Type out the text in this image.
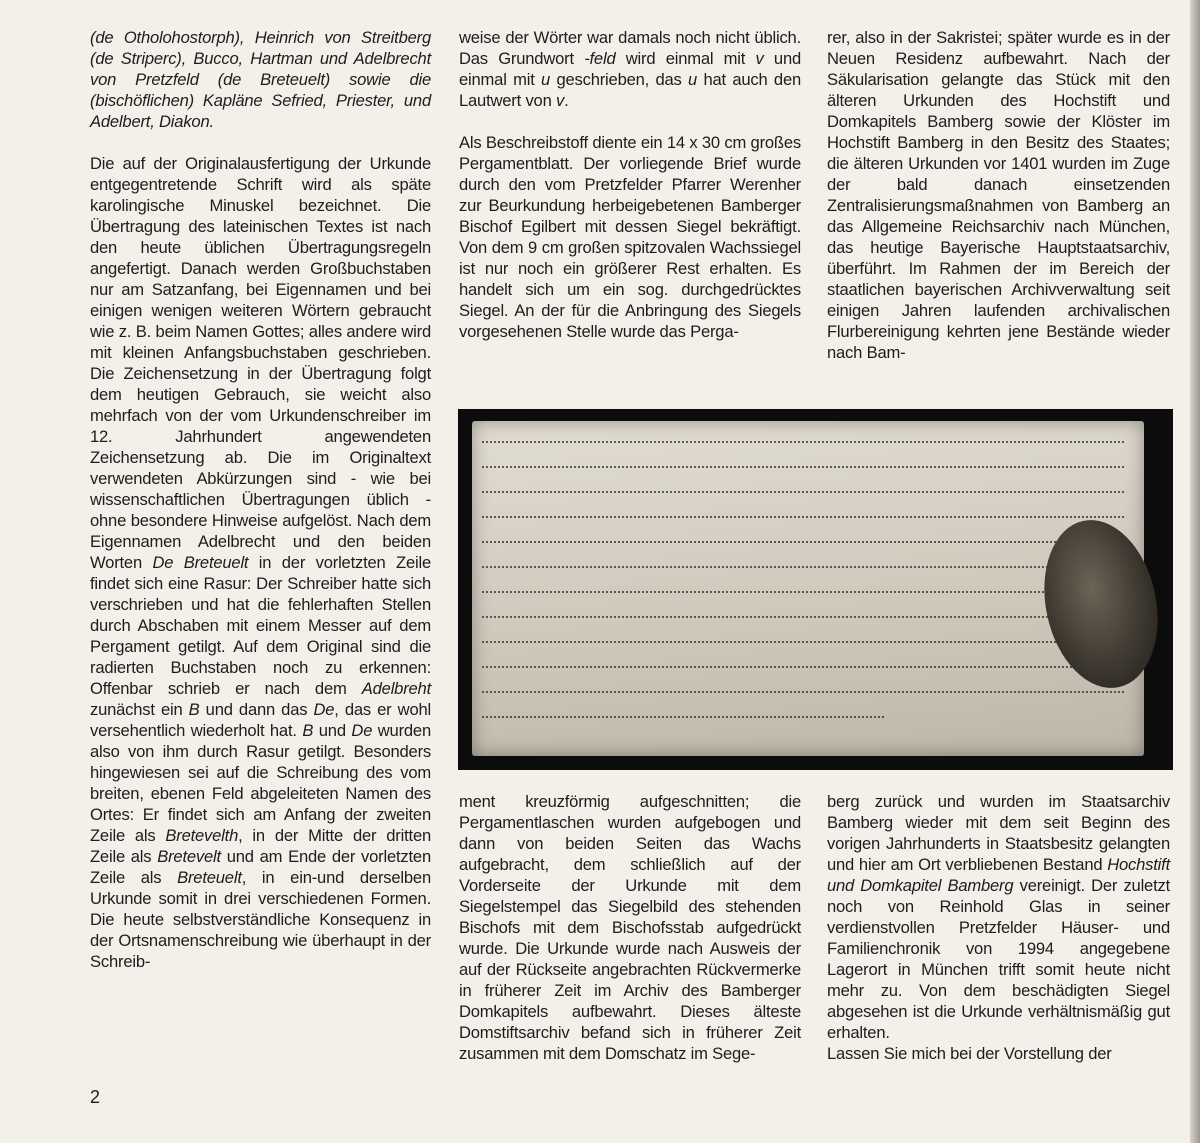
(de Otholohostorph), Heinrich von Streitberg (de Striperc), Bucco, Hartman und Adelbrecht von Pretzfeld (de Breteuelt) sowie die (bischöflichen) Kapläne Sefried, Priester, und Adelbert, Diakon.

Die auf der Originalausfertigung der Urkunde entgegentretende Schrift wird als späte karolingische Minuskel bezeichnet. Die Übertragung des lateinischen Textes ist nach den heute üblichen Übertragungsregeln angefertigt. Danach werden Großbuchstaben nur am Satzanfang, bei Eigennamen und bei einigen wenigen weiteren Wörtern gebraucht wie z. B. beim Namen Gottes; alles andere wird mit kleinen Anfangsbuchstaben geschrieben. Die Zeichensetzung in der Übertragung folgt dem heutigen Gebrauch, sie weicht also mehrfach von der vom Urkundenschreiber im 12. Jahrhundert angewendeten Zeichensetzung ab. Die im Originaltext verwendeten Abkürzungen sind - wie bei wissenschaftlichen Übertragungen üblich - ohne besondere Hinweise aufgelöst. Nach dem Eigennamen Adelbrecht und den beiden Worten De Breteuelt in der vorletzten Zeile findet sich eine Rasur: Der Schreiber hatte sich verschrieben und hat die fehlerhaften Stellen durch Abschaben mit einem Messer auf dem Pergament getilgt. Auf dem Original sind die radierten Buchstaben noch zu erkennen: Offenbar schrieb er nach dem Adelbreht zunächst ein B und dann das De, das er wohl versehentlich wiederholt hat. B und De wurden also von ihm durch Rasur getilgt. Besonders hingewiesen sei auf die Schreibung des vom breiten, ebenen Feld abgeleiteten Namen des Ortes: Er findet sich am Anfang der zweiten Zeile als Bretevelth, in der Mitte der dritten Zeile als Bretevelt und am Ende der vorletzten Zeile als Breteuelt, in ein-und derselben Urkunde somit in drei verschiedenen Formen. Die heute selbstverständliche Konsequenz in der Ortsnamenschreibung wie überhaupt in der Schreib-

weise der Wörter war damals noch nicht üblich. Das Grundwort -feld wird einmal mit v und einmal mit u geschrieben, das u hat auch den Lautwert von v.

Als Beschreibstoff diente ein 14 x 30 cm großes Pergamentblatt. Der vorliegende Brief wurde durch den vom Pretzfelder Pfarrer Werenher zur Beurkundung herbeigebetenen Bamberger Bischof Egilbert mit dessen Siegel bekräftigt. Von dem 9 cm großen spitzovalen Wachssiegel ist nur noch ein größerer Rest erhalten. Es handelt sich um ein sog. durchgedrücktes Siegel. An der für die Anbringung des Siegels vorgesehenen Stelle wurde das Perga-

rer, also in der Sakristei; später wurde es in der Neuen Residenz aufbewahrt. Nach der Säkularisation gelangte das Stück mit den älteren Urkunden des Hochstift und Domkapitels Bamberg sowie der Klöster im Hochstift Bamberg in den Besitz des Staates; die älteren Urkunden vor 1401 wurden im Zuge der bald danach einsetzenden Zentralisierungsmaßnahmen von Bamberg an das Allgemeine Reichsarchiv nach München, das heutige Bayerische Hauptstaatsarchiv, überführt. Im Rahmen der im Bereich der staatlichen bayerischen Archivverwaltung seit einigen Jahren laufenden archivalischen Flurbereinigung kehrten jene Bestände wieder nach Bam-

ment kreuzförmig aufgeschnitten; die Pergamentlaschen wurden aufgebogen und dann von beiden Seiten das Wachs aufgebracht, dem schließlich auf der Vorderseite der Urkunde mit dem Siegelstempel das Siegelbild des stehenden Bischofs mit dem Bischofsstab aufgedrückt wurde. Die Urkunde wurde nach Ausweis der auf der Rückseite angebrachten Rückvermerke in früherer Zeit im Archiv des Bamberger Domkapitels aufbewahrt. Dieses älteste Domstiftsarchiv befand sich in früherer Zeit zusammen mit dem Domschatz im Sege-

berg zurück und wurden im Staatsarchiv Bamberg wieder mit dem seit Beginn des vorigen Jahrhunderts in Staatsbesitz gelangten und hier am Ort verbliebenen Bestand Hochstift und Domkapitel Bamberg vereinigt. Der zuletzt noch von Reinhold Glas in seiner verdienstvollen Pretzfelder Häuser- und Familienchronik von 1994 angegebene Lagerort in München trifft somit heute nicht mehr zu. Von dem beschädigten Siegel abgesehen ist die Urkunde verhältnismäßig gut erhalten.

Lassen Sie mich bei der Vorstellung der

2
